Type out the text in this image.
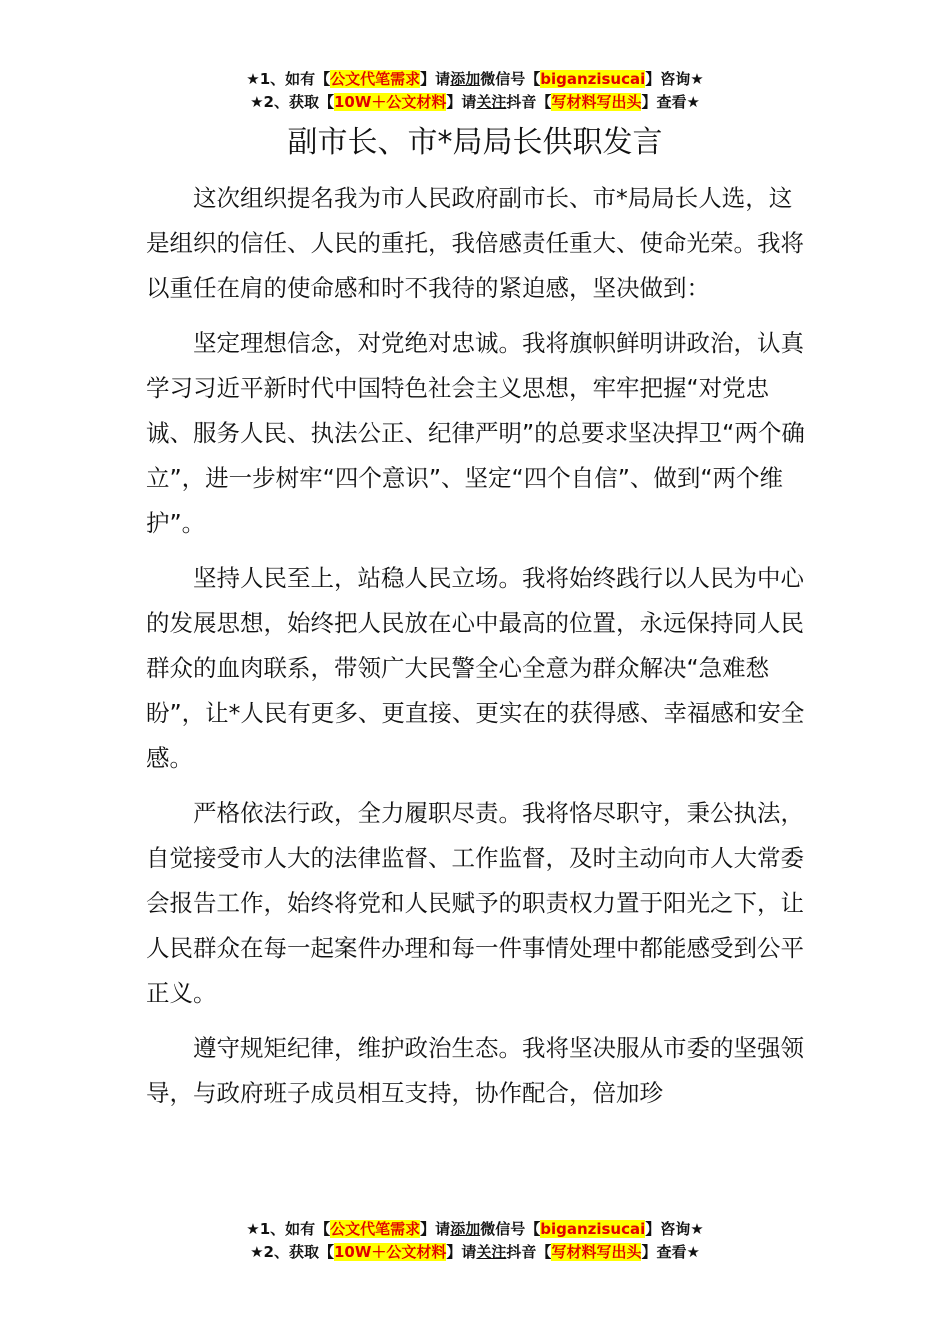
★1、如有【公文代笔需求】请添加微信号【biganzisucai】咨询★
★2、获取【10W＋公文材料】请关注抖音【写材料写出头】查看★
副市长、市*局局长供职发言

这次组织提名我为市人民政府副市长、市*局局长人选，这是组织的信任、人民的重托，我倍感责任重大、使命光荣。我将以重任在肩的使命感和时不我待的紧迫感，坚决做到：

坚定理想信念，对党绝对忠诚。我将旗帜鲜明讲政治，认真学习习近平新时代中国特色社会主义思想，牢牢把握“对党忠诚、服务人民、执法公正、纪律严明”的总要求坚决捍卫“两个确立”，进一步树牢“四个意识”、坚定“四个自信”、做到“两个维护”。

坚持人民至上，站稳人民立场。我将始终践行以人民为中心的发展思想，始终把人民放在心中最高的位置，永远保持同人民群众的血肉联系，带领广大民警全心全意为群众解决“急难愁盼”，让*人民有更多、更直接、更实在的获得感、幸福感和安全感。

严格依法行政，全力履职尽责。我将恪尽职守，秉公执法，自觉接受市人大的法律监督、工作监督，及时主动向市人大常委会报告工作，始终将党和人民赋予的职责权力置于阳光之下，让人民群众在每一起案件办理和每一件事情处理中都能感受到公平正义。

遵守规矩纪律，维护政治生态。我将坚决服从市委的坚强领导，与政府班子成员相互支持，协作配合，倍加珍

★1、如有【公文代笔需求】请添加微信号【biganzisucai】咨询★
★2、获取【10W＋公文材料】请关注抖音【写材料写出头】查看★
